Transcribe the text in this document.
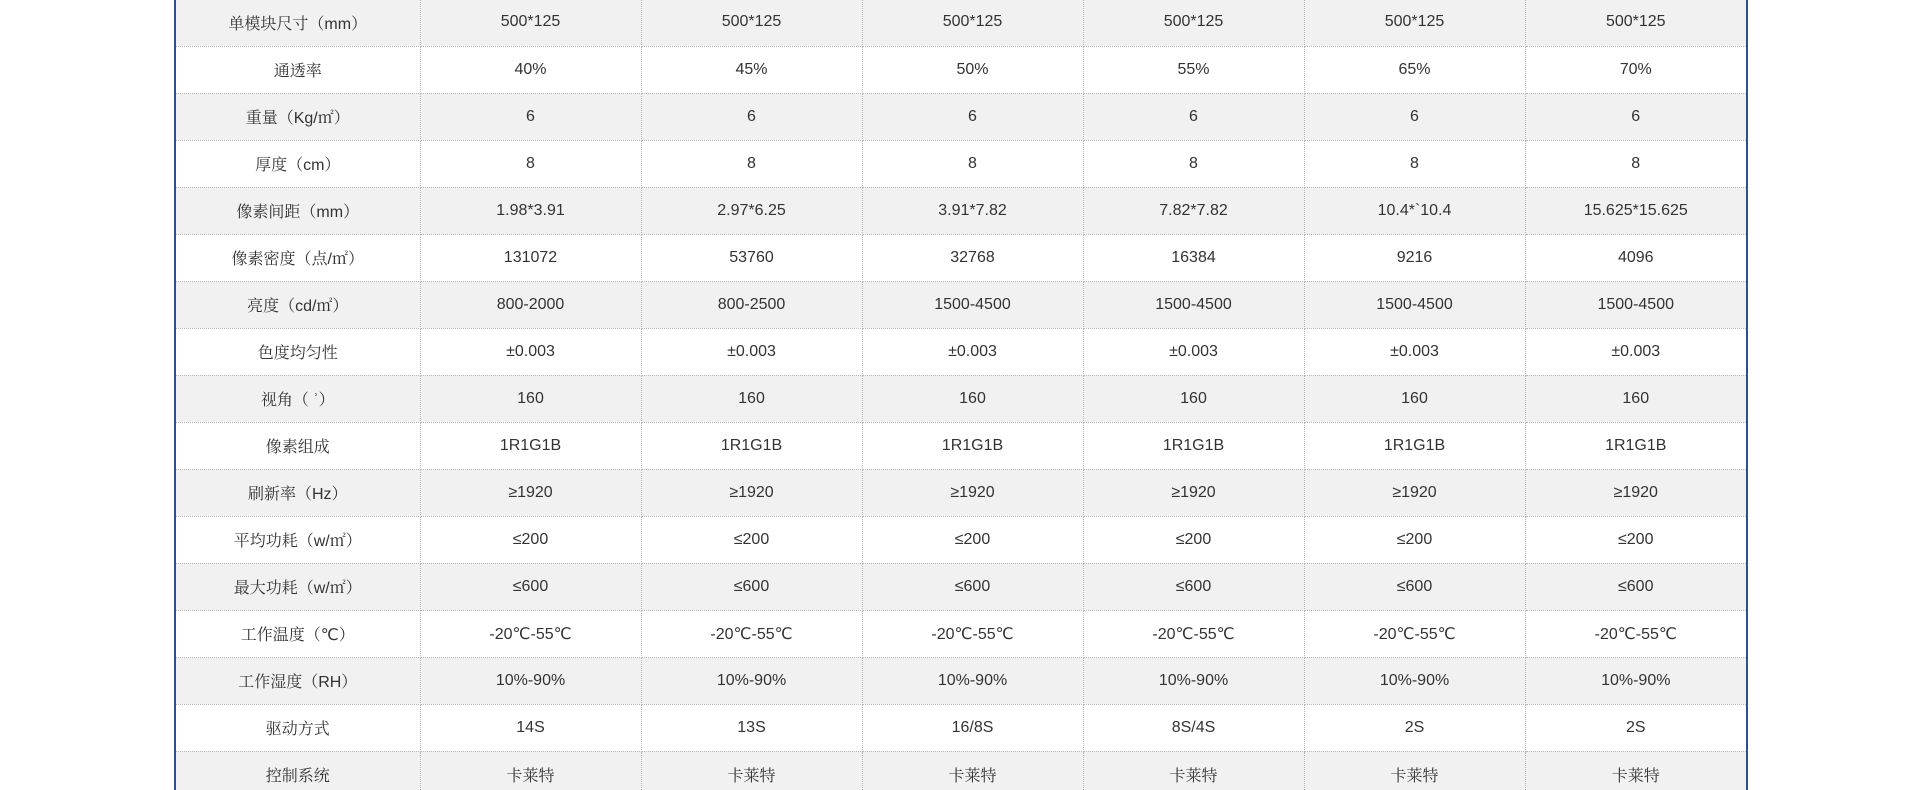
单模块尺寸（mm）	500*125	500*125	500*125	500*125	500*125	500*125
通透率	40%	45%	50%	55%	65%	70%
重量（Kg/㎡）	6	6	6	6	6	6
厚度（cm）	8	8	8	8	8	8
像素间距（mm）	1.98*3.91	2.97*6.25	3.91*7.82	7.82*7.82	10.4*`10.4	15.625*15.625
像素密度（点/㎡）	131072	53760	32768	16384	9216	4096
亮度（cd/㎡）	800-2000	800-2500	1500-4500	1500-4500	1500-4500	1500-4500
色度均匀性	±0.003	±0.003	±0.003	±0.003	±0.003	±0.003
视角（ ʾ）	160	160	160	160	160	160
像素组成	1R1G1B	1R1G1B	1R1G1B	1R1G1B	1R1G1B	1R1G1B
刷新率（Hz）	≥1920	≥1920	≥1920	≥1920	≥1920	≥1920
平均功耗（w/㎡）	≤200	≤200	≤200	≤200	≤200	≤200
最大功耗（w/㎡）	≤600	≤600	≤600	≤600	≤600	≤600
工作温度（℃）	-20℃-55℃	-20℃-55℃	-20℃-55℃	-20℃-55℃	-20℃-55℃	-20℃-55℃
工作湿度（RH）	10%-90%	10%-90%	10%-90%	10%-90%	10%-90%	10%-90%
驱动方式	14S	13S	16/8S	8S/4S	2S	2S
控制系统	卡莱特	卡莱特	卡莱特	卡莱特	卡莱特	卡莱特
